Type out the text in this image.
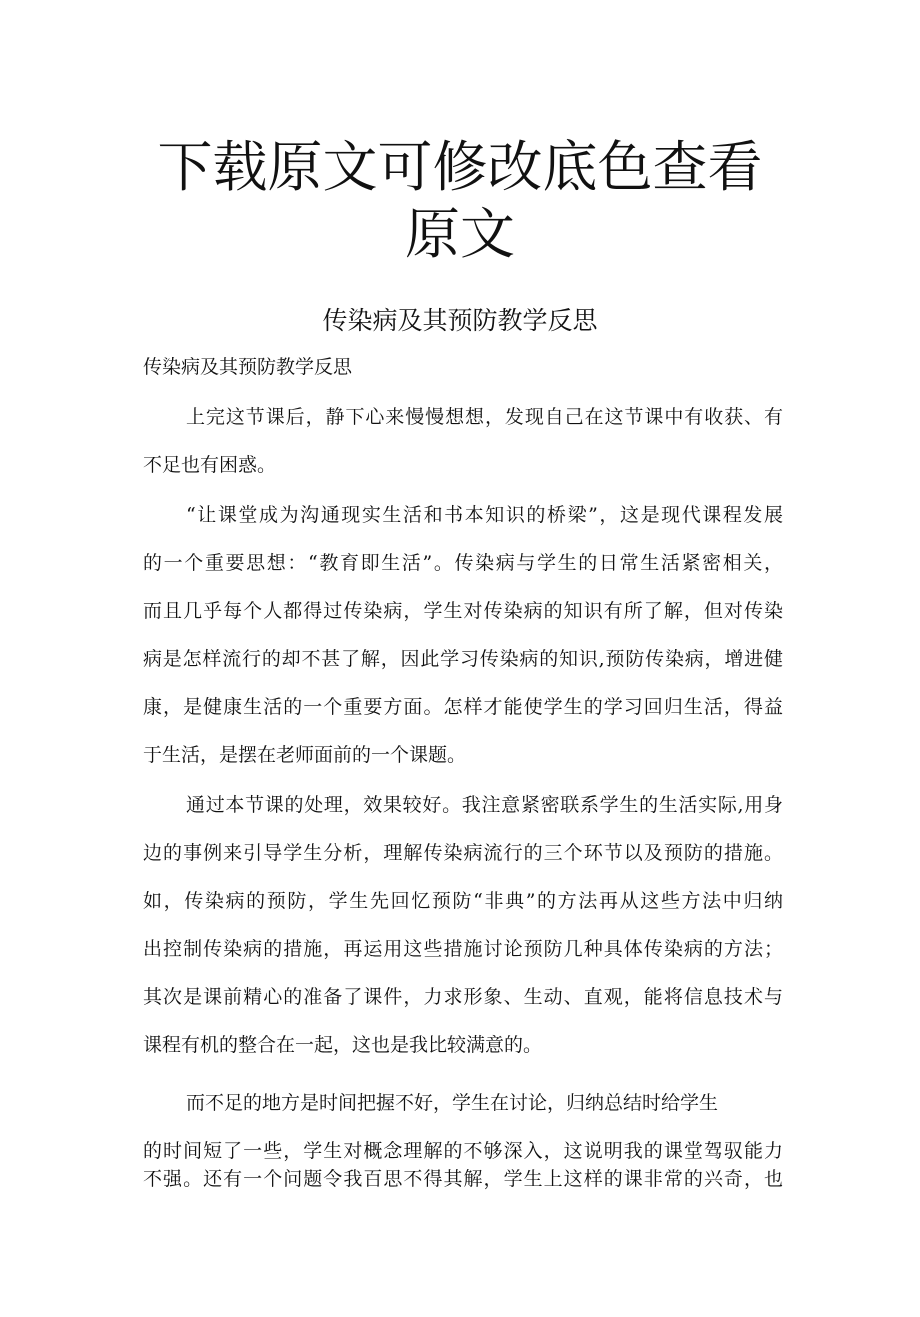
下载原文可修改底色查看
原文
传染病及其预防教学反思
传染病及其预防教学反思
上完这节课后，静下心来慢慢想想，发现自己在这节课中有收获、有
不足也有困惑。
“让课堂成为沟通现实生活和书本知识的桥梁”，这是现代课程发展
的一个重要思想：“教育即生活”。传染病与学生的日常生活紧密相关，
而且几乎每个人都得过传染病，学生对传染病的知识有所了解，但对传染
病是怎样流行的却不甚了解，因此学习传染病的知识,预防传染病，增进健
康，是健康生活的一个重要方面。怎样才能使学生的学习回归生活，得益
于生活，是摆在老师面前的一个课题。
通过本节课的处理，效果较好。我注意紧密联系学生的生活实际,用身
边的事例来引导学生分析，理解传染病流行的三个环节以及预防的措施。
如，传染病的预防，学生先回忆预防“非典”的方法再从这些方法中归纳
出控制传染病的措施，再运用这些措施讨论预防几种具体传染病的方法；
其次是课前精心的准备了课件，力求形象、生动、直观，能将信息技术与
课程有机的整合在一起，这也是我比较满意的。
而不足的地方是时间把握不好，学生在讨论，归纳总结时给学生
的时间短了一些，学生对概念理解的不够深入，这说明我的课堂驾驭能力
不强。还有一个问题令我百思不得其解，学生上这样的课非常的兴奇，也
